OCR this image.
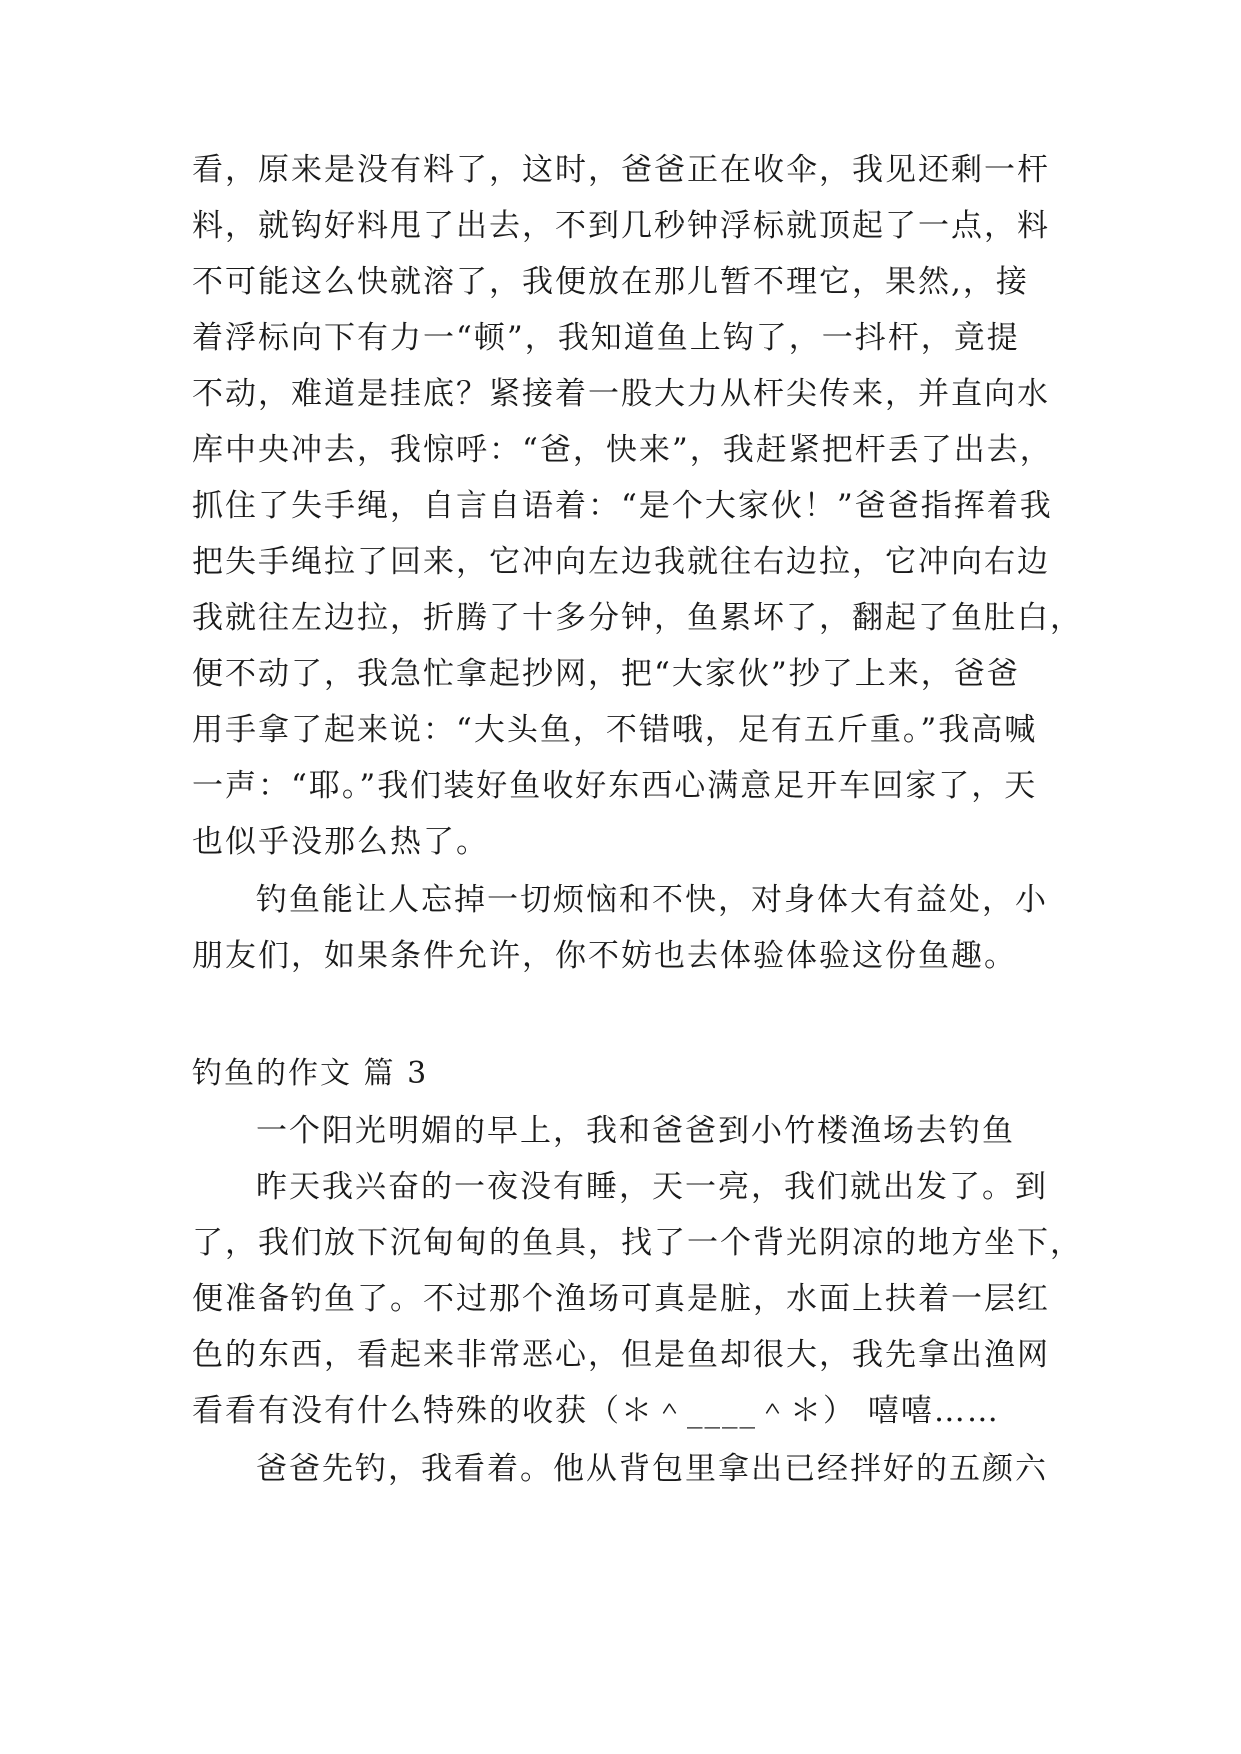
看，原来是没有料了，这时，爸爸正在收伞，我见还剩一杆
料，就钩好料甩了出去，不到几秒钟浮标就顶起了一点，料
不可能这么快就溶了，我便放在那儿暂不理它，果然,，接
着浮标向下有力一“顿”，我知道鱼上钩了，一抖杆，竟提
不动，难道是挂底？紧接着一股大力从杆尖传来，并直向水
库中央冲去，我惊呼：“爸，快来”，我赶紧把杆丢了出去，
抓住了失手绳，自言自语着：“是个大家伙！”爸爸指挥着我
把失手绳拉了回来，它冲向左边我就往右边拉，它冲向右边
我就往左边拉，折腾了十多分钟，鱼累坏了，翻起了鱼肚白，
便不动了，我急忙拿起抄网，把“大家伙”抄了上来，爸爸
用手拿了起来说：“大头鱼，不错哦，足有五斤重。”我高喊
一声：“耶。”我们装好鱼收好东西心满意足开车回家了，天
也似乎没那么热了。
钓鱼能让人忘掉一切烦恼和不快，对身体大有益处，小
朋友们，如果条件允许，你不妨也去体验体验这份鱼趣。
钓鱼的作文 篇 3
一个阳光明媚的早上，我和爸爸到小竹楼渔场去钓鱼
昨天我兴奋的一夜没有睡，天一亮，我们就出发了。到
了，我们放下沉甸甸的鱼具，找了一个背光阴凉的地方坐下，
便准备钓鱼了。不过那个渔场可真是脏，水面上扶着一层红
色的东西，看起来非常恶心，但是鱼却很大，我先拿出渔网
看看有没有什么特殊的收获（＊＾____＾＊） 嘻嘻……
爸爸先钓，我看着。他从背包里拿出已经拌好的五颜六
